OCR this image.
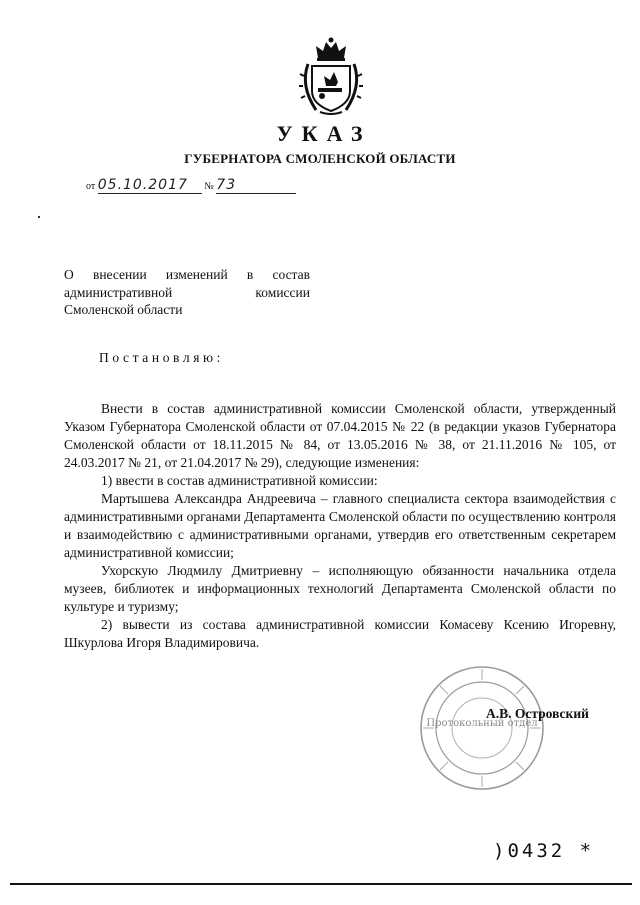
УКАЗ
ГУБЕРНАТОРА СМОЛЕНСКОЙ ОБЛАСТИ
от 05.10.2017 № 73
О внесении изменений в состав
административной	комиссии
Смоленской области
Постановляю:

Внести в состав административной комиссии Смоленской области, утвержденный Указом Губернатора Смоленской области от 07.04.2015 № 22 (в редакции указов Губернатора Смоленской области от 18.11.2015 № 84, от 13.05.2016 № 38, от 21.11.2016 № 105, от 24.03.2017 № 21, от 21.04.2017 № 29), следующие изменения:

1) ввести в состав административной комиссии:

Мартышева Александра Андреевича – главного специалиста сектора взаимодействия с административными органами Департамента Смоленской области по осуществлению контроля и взаимодействию с административными органами, утвердив его ответственным секретарем административной комиссии;

Ухорскую Людмилу Дмитриевну – исполняющую обязанности начальника отдела музеев, библиотек и информационных технологий Департамента Смоленской области по культуре и туризму;

2) вывести из состава административной комиссии Комасеву Ксению Игоревну, Шкурлова Игоря Владимировича.

Протокольный отдел
А.В. Островский
)0432 *
